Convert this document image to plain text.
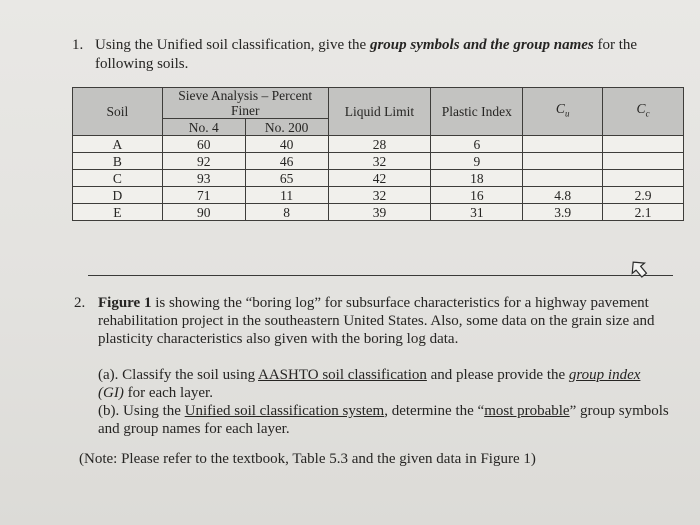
1. Using the Unified soil classification, give the group symbols and the group names for the following soils.
Soil	Sieve Analysis – Percent Finer		Liquid Limit	Plastic Index	$C_u$	$C_c$
	No. 4	No. 200				
A	60	40	28	6		
B	92	46	32	9		
C	93	65	42	18		
D	71	11	32	16	4.8	2.9
E	90	8	39	31	3.9	2.1
2. Figure 1 is showing the “boring log” for subsurface characteristics for a highway pavement rehabilitation project in the southeastern United States. Also, some data on the grain size and plasticity characteristics also given with the boring log data.
(a). Classify the soil using AASHTO soil classification and please provide the group index
(GI) for each layer.
(b). Using the Unified soil classification system, determine the “most probable” group symbols and group names for each layer.
(Note: Please refer to the textbook, Table 5.3 and the given data in Figure 1)
